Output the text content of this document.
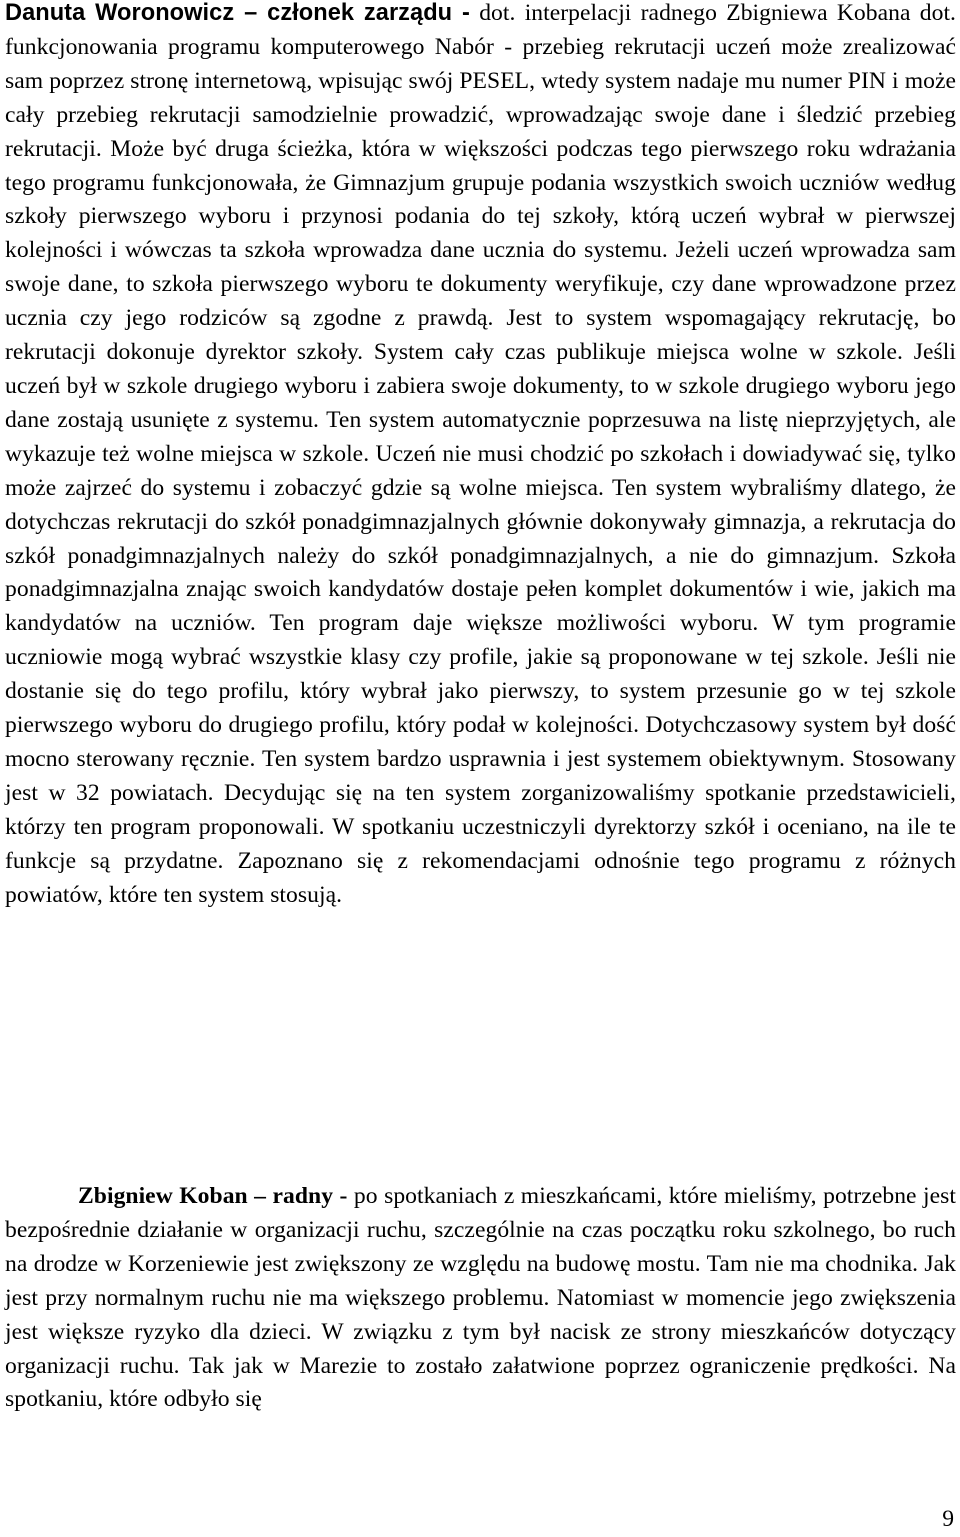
Danuta Woronowicz – członek zarządu - dot. interpelacji radnego Zbigniewa Kobana dot. funkcjonowania programu komputerowego Nabór - przebieg rekrutacji uczeń może zrealizować sam poprzez stronę internetową, wpisując swój PESEL, wtedy system nadaje mu numer PIN i może cały przebieg rekrutacji samodzielnie prowadzić, wprowadzając swoje dane i śledzić przebieg rekrutacji. Może być druga ścieżka, która w większości podczas tego pierwszego roku wdrażania tego programu funkcjonowała, że Gimnazjum grupuje podania wszystkich swoich uczniów według szkoły pierwszego wyboru i przynosi podania do tej szkoły, którą uczeń wybrał w pierwszej kolejności i wówczas ta szkoła wprowadza dane ucznia do systemu. Jeżeli uczeń wprowadza sam swoje dane, to szkoła pierwszego wyboru te dokumenty weryfikuje, czy dane wprowadzone przez ucznia czy jego rodziców są zgodne z prawdą. Jest to system wspomagający rekrutację, bo rekrutacji dokonuje dyrektor szkoły. System cały czas publikuje miejsca wolne w szkole. Jeśli uczeń był w szkole drugiego wyboru i zabiera swoje dokumenty, to w szkole drugiego wyboru jego dane zostają usunięte z systemu. Ten system automatycznie poprzesuwa na listę nieprzyjętych, ale wykazuje też wolne miejsca w szkole. Uczeń nie musi chodzić po szkołach i dowiadywać się, tylko może zajrzeć do systemu i zobaczyć gdzie są wolne miejsca. Ten system wybraliśmy dlatego, że dotychczas rekrutacji do szkół ponadgimnazjalnych głównie dokonywały gimnazja, a rekrutacja do szkół ponadgimnazjalnych należy do szkół ponadgimnazjalnych, a nie do gimnazjum. Szkoła ponadgimnazjalna znając swoich kandydatów dostaje pełen komplet dokumentów i wie, jakich ma kandydatów na uczniów. Ten program daje większe możliwości wyboru. W tym programie uczniowie mogą wybrać wszystkie klasy czy profile, jakie są proponowane w tej szkole. Jeśli nie dostanie się do tego profilu, który wybrał jako pierwszy, to system przesunie go w tej szkole pierwszego wyboru do drugiego profilu, który podał w kolejności. Dotychczasowy system był dość mocno sterowany ręcznie. Ten system bardzo usprawnia i jest systemem obiektywnym. Stosowany jest w 32 powiatach. Decydując się na ten system zorganizowaliśmy spotkanie przedstawicieli, którzy ten program proponowali. W spotkaniu uczestniczyli dyrektorzy szkół i oceniano, na ile te funkcje są przydatne. Zapoznano się z rekomendacjami odnośnie tego programu z różnych powiatów, które ten system stosują.

Zbigniew Koban – radny - po spotkaniach z mieszkańcami, które mieliśmy, potrzebne jest bezpośrednie działanie w organizacji ruchu, szczególnie na czas początku roku szkolnego, bo ruch na drodze w Korzeniewie jest zwiększony ze względu na budowę mostu. Tam nie ma chodnika. Jak jest przy normalnym ruchu nie ma większego problemu. Natomiast w momencie jego zwiększenia jest większe ryzyko dla dzieci. W związku z tym był nacisk ze strony mieszkańców dotyczący organizacji ruchu. Tak jak w Marezie to zostało załatwione poprzez ograniczenie prędkości. Na spotkaniu, które odbyło się

9
